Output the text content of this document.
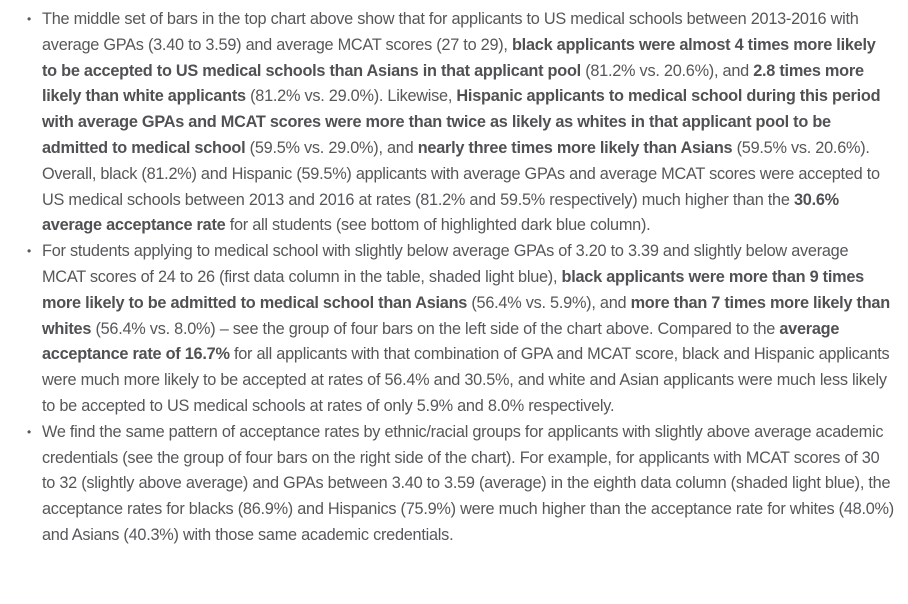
• The middle set of bars in the top chart above show that for applicants to US medical schools between 2013-2016 with average GPAs (3.40 to 3.59) and average MCAT scores (27 to 29), black applicants were almost 4 times more likely to be accepted to US medical schools than Asians in that applicant pool (81.2% vs. 20.6%), and 2.8 times more likely than white applicants (81.2% vs. 29.0%). Likewise, Hispanic applicants to medical school during this period with average GPAs and MCAT scores were more than twice as likely as whites in that applicant pool to be admitted to medical school (59.5% vs. 29.0%), and nearly three times more likely than Asians (59.5% vs. 20.6%). Overall, black (81.2%) and Hispanic (59.5%) applicants with average GPAs and average MCAT scores were accepted to US medical schools between 2013 and 2016 at rates (81.2% and 59.5% respectively) much higher than the 30.6% average acceptance rate for all students (see bottom of highlighted dark blue column).

• For students applying to medical school with slightly below average GPAs of 3.20 to 3.39 and slightly below average MCAT scores of 24 to 26 (first data column in the table, shaded light blue), black applicants were more than 9 times more likely to be admitted to medical school than Asians (56.4% vs. 5.9%), and more than 7 times more likely than whites (56.4% vs. 8.0%) – see the group of four bars on the left side of the chart above. Compared to the average acceptance rate of 16.7% for all applicants with that combination of GPA and MCAT score, black and Hispanic applicants were much more likely to be accepted at rates of 56.4% and 30.5%, and white and Asian applicants were much less likely to be accepted to US medical schools at rates of only 5.9% and 8.0% respectively.

• We find the same pattern of acceptance rates by ethnic/racial groups for applicants with slightly above average academic credentials (see the group of four bars on the right side of the chart). For example, for applicants with MCAT scores of 30 to 32 (slightly above average) and GPAs between 3.40 to 3.59 (average) in the eighth data column (shaded light blue), the acceptance rates for blacks (86.9%) and Hispanics (75.9%) were much higher than the acceptance rate for whites (48.0%) and Asians (40.3%) with those same academic credentials.
